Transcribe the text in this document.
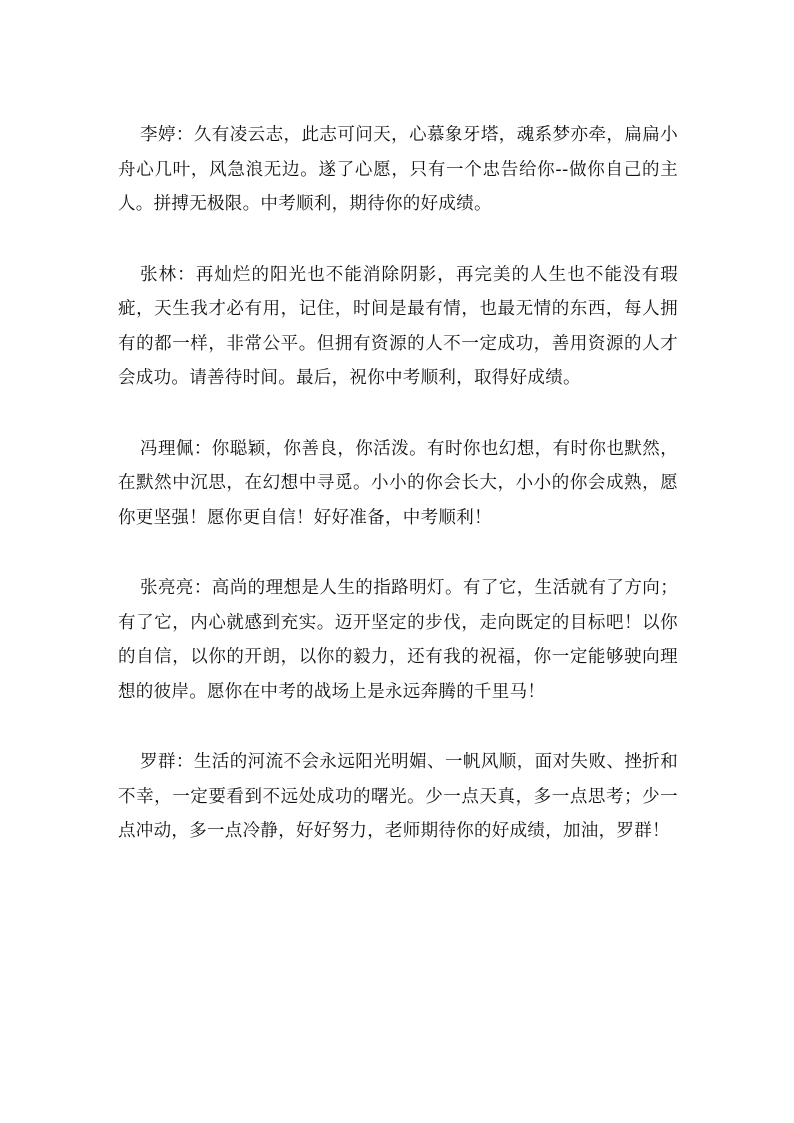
李婷：久有凌云志，此志可问天，心慕象牙塔，魂系梦亦牵，扁扁小舟心几叶，风急浪无边。遂了心愿，只有一个忠告给你--做你自己的主人。拼搏无极限。中考顺利，期待你的好成绩。

张林：再灿烂的阳光也不能消除阴影，再完美的人生也不能没有瑕疵，天生我才必有用，记住，时间是最有情，也最无情的东西，每人拥有的都一样，非常公平。但拥有资源的人不一定成功，善用资源的人才会成功。请善待时间。最后，祝你中考顺利，取得好成绩。

冯理佩：你聪颖，你善良，你活泼。有时你也幻想，有时你也默然，在默然中沉思，在幻想中寻觅。小小的你会长大，小小的你会成熟，愿你更坚强！愿你更自信！好好准备，中考顺利！

张亮亮：高尚的理想是人生的指路明灯。有了它，生活就有了方向；有了它，内心就感到充实。迈开坚定的步伐，走向既定的目标吧！以你的自信，以你的开朗，以你的毅力，还有我的祝福，你一定能够驶向理想的彼岸。愿你在中考的战场上是永远奔腾的千里马！

罗群：生活的河流不会永远阳光明媚、一帆风顺，面对失败、挫折和不幸，一定要看到不远处成功的曙光。少一点天真，多一点思考；少一点冲动，多一点冷静，好好努力，老师期待你的好成绩，加油，罗群！
